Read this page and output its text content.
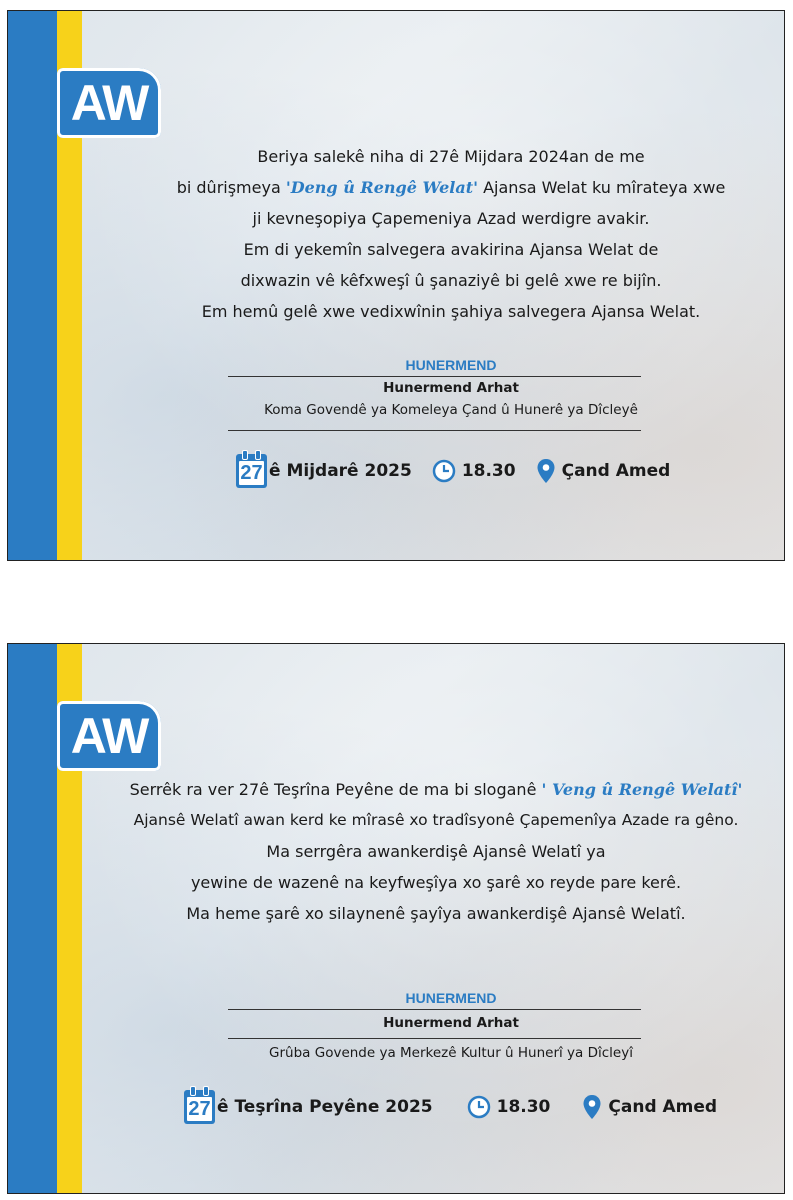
AW
Beriya salekê niha di 27ê Mijdara 2024an de me
bi dûrişmeya 'Deng û Rengê Welat' Ajansa Welat ku mîrateya xwe
ji kevneşopiya Çapemeniya Azad werdigre avakir.
Em di yekemîn salvegera avakirina Ajansa Welat de
dixwazin vê kêfxweşî û şanaziyê bi gelê xwe re bijîn.
Em hemû gelê xwe vedixwînin şahiya salvegera Ajansa Welat.
HUNERMEND
Hunermend Arhat
Koma Govendê ya Komeleya Çand û Hunerê ya Dîcleyê
27 ê Mijdarê 2025	18.30	Çand Amed
AW
Serrêk ra ver 27ê Teşrîna Peyêne de ma bi sloganê ' Veng û Rengê Welatî'
Ajansê Welatî awan kerd ke mîrasê xo tradîsyonê Çapemenîya Azade ra gêno.
Ma serrgêra awankerdişê Ajansê Welatî ya
yewine de wazenê na keyfweşîya xo şarê xo reyde pare kerê.
Ma heme şarê xo silaynenê şayîya awankerdişê Ajansê Welatî.
HUNERMEND
Hunermend Arhat
Grûba Govende ya Merkezê Kultur û Hunerî ya Dîcleyî
27 ê Teşrîna Peyêne 2025	18.30	Çand Amed
